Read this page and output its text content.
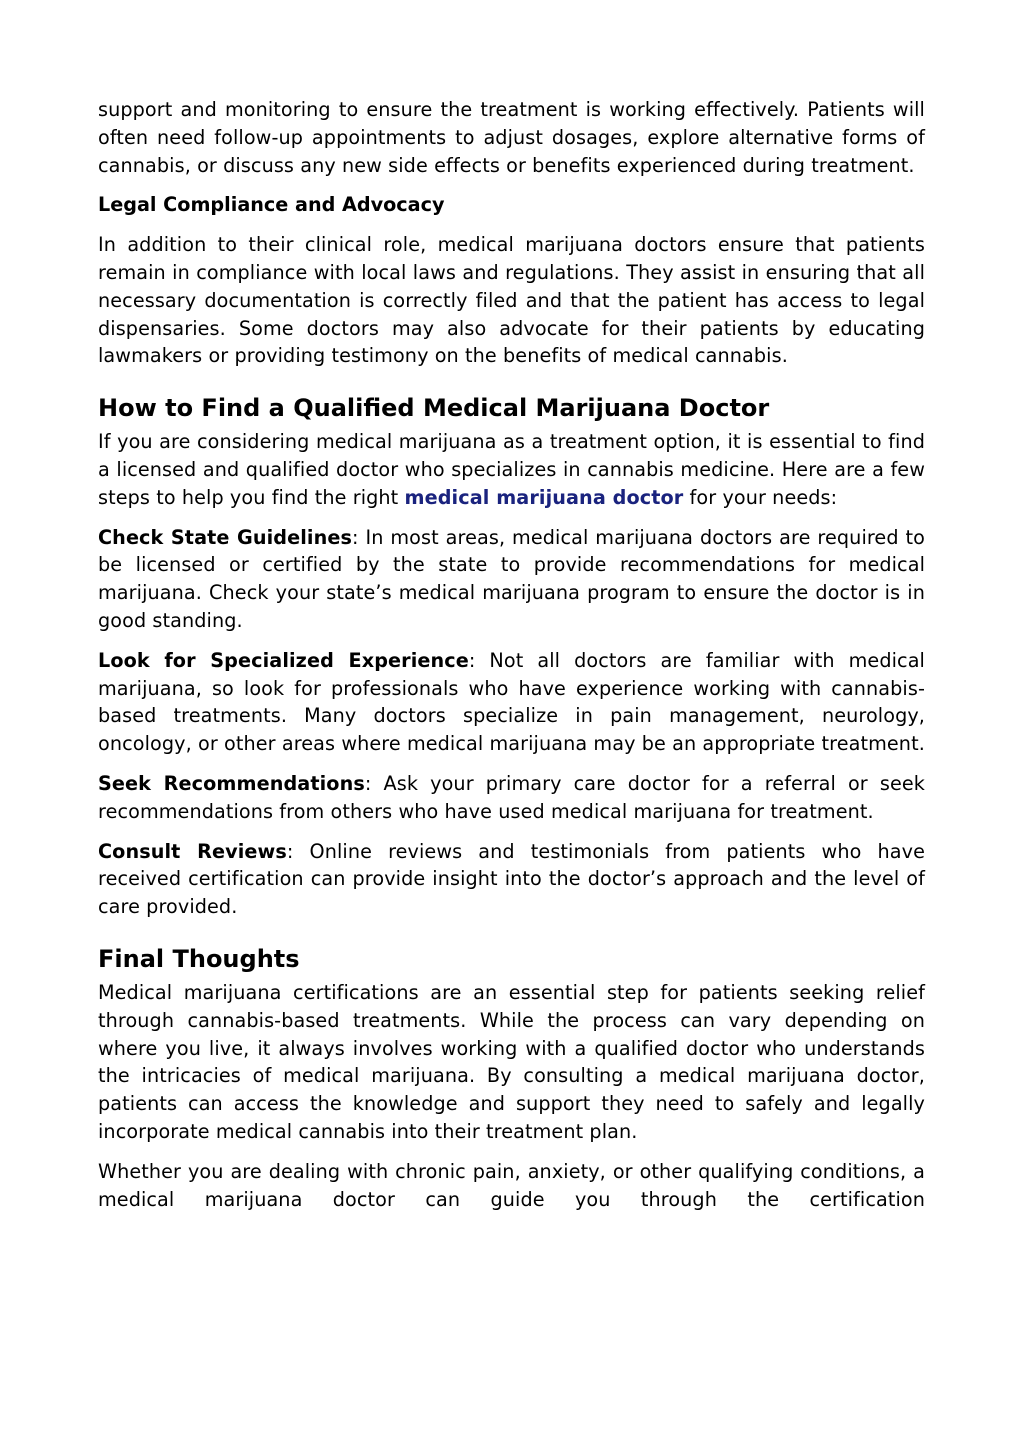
support and monitoring to ensure the treatment is working effectively. Patients will often need follow-up appointments to adjust dosages, explore alternative forms of cannabis, or discuss any new side effects or benefits experienced during treatment.

Legal Compliance and Advocacy

In addition to their clinical role, medical marijuana doctors ensure that patients remain in compliance with local laws and regulations. They assist in ensuring that all necessary documentation is correctly filed and that the patient has access to legal dispensaries. Some doctors may also advocate for their patients by educating lawmakers or providing testimony on the benefits of medical cannabis.

How to Find a Qualified Medical Marijuana Doctor

If you are considering medical marijuana as a treatment option, it is essential to find a licensed and qualified doctor who specializes in cannabis medicine. Here are a few steps to help you find the right medical marijuana doctor for your needs:

Check State Guidelines: In most areas, medical marijuana doctors are required to be licensed or certified by the state to provide recommendations for medical marijuana. Check your state’s medical marijuana program to ensure the doctor is in good standing.

Look for Specialized Experience: Not all doctors are familiar with medical marijuana, so look for professionals who have experience working with cannabis-based treatments. Many doctors specialize in pain management, neurology, oncology, or other areas where medical marijuana may be an appropriate treatment.

Seek Recommendations: Ask your primary care doctor for a referral or seek recommendations from others who have used medical marijuana for treatment.

Consult Reviews: Online reviews and testimonials from patients who have received certification can provide insight into the doctor’s approach and the level of care provided.

Final Thoughts

Medical marijuana certifications are an essential step for patients seeking relief through cannabis-based treatments. While the process can vary depending on where you live, it always involves working with a qualified doctor who understands the intricacies of medical marijuana. By consulting a medical marijuana doctor, patients can access the knowledge and support they need to safely and legally incorporate medical cannabis into their treatment plan.

Whether you are dealing with chronic pain, anxiety, or other qualifying conditions, a medical marijuana doctor can guide you through the certification
